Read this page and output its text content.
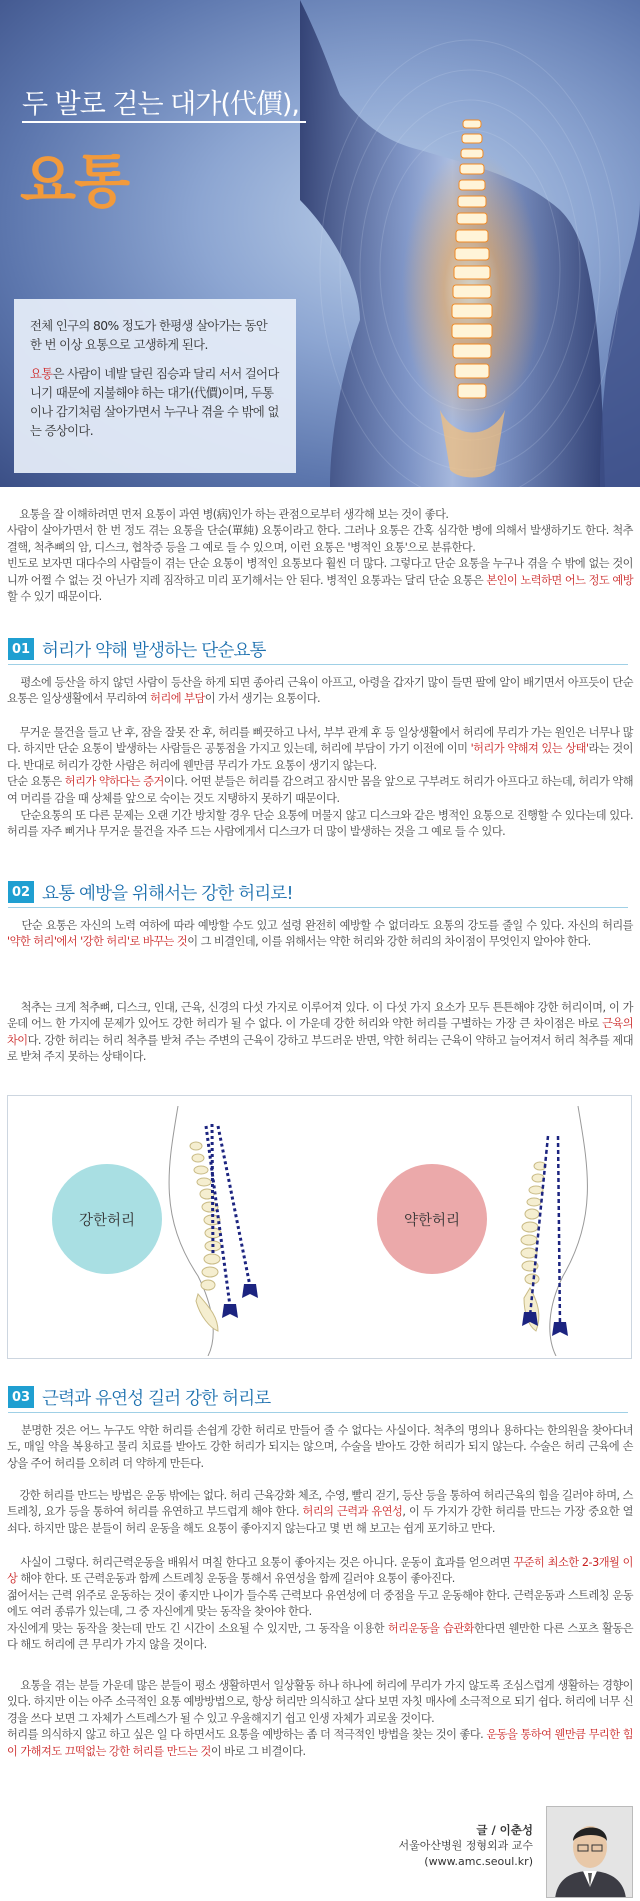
두 발로 걷는 대가(代價),
요통

전체 인구의 80% 정도가 한평생 살아가는 동안 한 번 이상 요통으로 고생하게 된다.

요통은 사람이 네발 달린 짐승과 달리 서서 걸어다니기 때문에 지불해야 하는 대가(代價)이며, 두통이나 감기처럼 살아가면서 누구나 겪을 수 밖에 없는 증상이다.

요통을 잘 이해하려면 먼저 요통이 과연 병(病)인가 하는 관점으로부터 생각해 보는 것이 좋다.
사람이 살아가면서 한 번 정도 겪는 요통을 단순(單純) 요통이라고 한다. 그러나 요통은 간혹 심각한 병에 의해서 발생하기도 한다. 척추결핵, 척추뼈의 암, 디스크, 협착증 등을 그 예로 들 수 있으며, 이런 요통은 '병적인 요통'으로 분류한다.
빈도로 보자면 대다수의 사람들이 겪는 단순 요통이 병적인 요통보다 훨씬 더 많다. 그렇다고 단순 요통을 누구나 겪을 수 밖에 없는 것이니까 어쩔 수 없는 것 아닌가 지레 짐작하고 미리 포기해서는 안 된다. 병적인 요통과는 달리 단순 요통은 본인이 노력하면 어느 정도 예방할 수 있기 때문이다.
01 허리가 약해 발생하는 단순요통
평소에 등산을 하지 않던 사람이 등산을 하게 되면 종아리 근육이 아프고, 아령을 갑자기 많이 들면 팔에 알이 배기면서 아프듯이 단순 요통은 일상생활에서 무리하여 허리에 부담이 가서 생기는 요통이다.
무거운 물건을 들고 난 후, 잠을 잘못 잔 후, 허리를 삐끗하고 나서, 부부 관계 후 등 일상생활에서 허리에 무리가 가는 원인은 너무나 많다. 하지만 단순 요통이 발생하는 사람들은 공통점을 가지고 있는데, 허리에 부담이 가기 이전에 이미 '허리가 약해져 있는 상태'라는 것이다. 반대로 허리가 강한 사람은 허리에 웬만큼 무리가 가도 요통이 생기지 않는다.
단순 요통은 허리가 약하다는 증거이다. 어떤 분들은 허리를 감으려고 잠시만 몸을 앞으로 구부려도 허리가 아프다고 하는데, 허리가 약해여 머리를 감을 때 상체를 앞으로 숙이는 것도 지탱하지 못하기 때문이다.
단순요통의 또 다른 문제는 오랜 기간 방치할 경우 단순 요통에 머물지 않고 디스크와 같은 병적인 요통으로 진행할 수 있다는데 있다. 허리를 자주 삐거나 무거운 물건을 자주 드는 사람에게서 디스크가 더 많이 발생하는 것을 그 예로 들 수 있다.
02 요통 예방을 위해서는 강한 허리로!
단순 요통은 자신의 노력 여하에 따라 예방할 수도 있고 설령 완전히 예방할 수 없더라도 요통의 강도를 줄일 수 있다. 자신의 허리를 '약한 허리'에서 '강한 허리'로 바꾸는 것이 그 비결인데, 이를 위해서는 약한 허리와 강한 허리의 차이점이 무엇인지 알아야 한다.
척추는 크게 척추뼈, 디스크, 인대, 근육, 신경의 다섯 가지로 이루어져 있다. 이 다섯 가지 요소가 모두 튼튼해야 강한 허리이며, 이 가운데 어느 한 가지에 문제가 있어도 강한 허리가 될 수 없다. 이 가운데 강한 허리와 약한 허리를 구별하는 가장 큰 차이점은 바로 근육의 차이다. 강한 허리는 허리 척추를 받쳐 주는 주변의 근육이 강하고 부드러운 반면, 약한 허리는 근육이 약하고 늘어져서 허리 척추를 제대로 받쳐 주지 못하는 상태이다.
강한허리	약한허리
03 근력과 유연성 길러 강한 허리로
분명한 것은 어느 누구도 약한 허리를 손쉽게 강한 허리로 만들어 줄 수 없다는 사실이다. 척추의 명의나 용하다는 한의원을 찾아다녀도, 매일 약을 복용하고 물리 치료를 받아도 강한 허리가 되지는 않으며, 수술을 받아도 강한 허리가 되지 않는다. 수술은 허리 근육에 손상을 주어 허리를 오히려 더 약하게 만든다.
강한 허리를 만드는 방법은 운동 밖에는 없다. 허리 근육강화 체조, 수영, 빨리 걷기, 등산 등을 통하여 허리근육의 힘을 길러야 하며, 스트레칭, 요가 등을 통하여 허리를 유연하고 부드럽게 해야 한다. 허리의 근력과 유연성, 이 두 가지가 강한 허리를 만드는 가장 중요한 열쇠다. 하지만 많은 분들이 허리 운동을 해도 요통이 좋아지지 않는다고 몇 번 해 보고는 쉽게 포기하고 만다.
사실이 그렇다. 허리근력운동을 배워서 며칠 한다고 요통이 좋아지는 것은 아니다. 운동이 효과를 얻으려면 꾸준히 최소한 2-3개월 이상 해야 한다. 또 근력운동과 함께 스트레칭 운동을 통해서 유연성을 함께 길러야 요통이 좋아진다.
젊어서는 근력 위주로 운동하는 것이 좋지만 나이가 들수록 근력보다 유연성에 더 중점을 두고 운동해야 한다. 근력운동과 스트레칭 운동에도 여러 종류가 있는데, 그 중 자신에게 맞는 동작을 찾아야 한다.
자신에게 맞는 동작을 찾는데 만도 긴 시간이 소요될 수 있지만, 그 동작을 이용한 허리운동을 습관화한다면 웬만한 다른 스포츠 활동은 다 해도 허리에 큰 무리가 가지 않을 것이다.
요통을 겪는 분들 가운데 많은 분들이 평소 생활하면서 일상활동 하나 하나에 허리에 무리가 가지 않도록 조심스럽게 생활하는 경향이 있다. 하지만 이는 아주 소극적인 요통 예방방법으로, 항상 허리만 의식하고 살다 보면 자칫 매사에 소극적으로 되기 쉽다. 허리에 너무 신경을 쓰다 보면 그 자체가 스트레스가 될 수 있고 우울해지기 쉽고 인생 자체가 괴로울 것이다.
허리를 의식하지 않고 하고 싶은 일 다 하면서도 요통을 예방하는 좀 더 적극적인 방법을 찾는 것이 좋다. 운동을 통하여 웬만큼 무리한 힘이 가해져도 끄떡없는 강한 허리를 만드는 것이 바로 그 비결이다.
글 / 이춘성
서울아산병원 정형외과 교수
(www.amc.seoul.kr)
